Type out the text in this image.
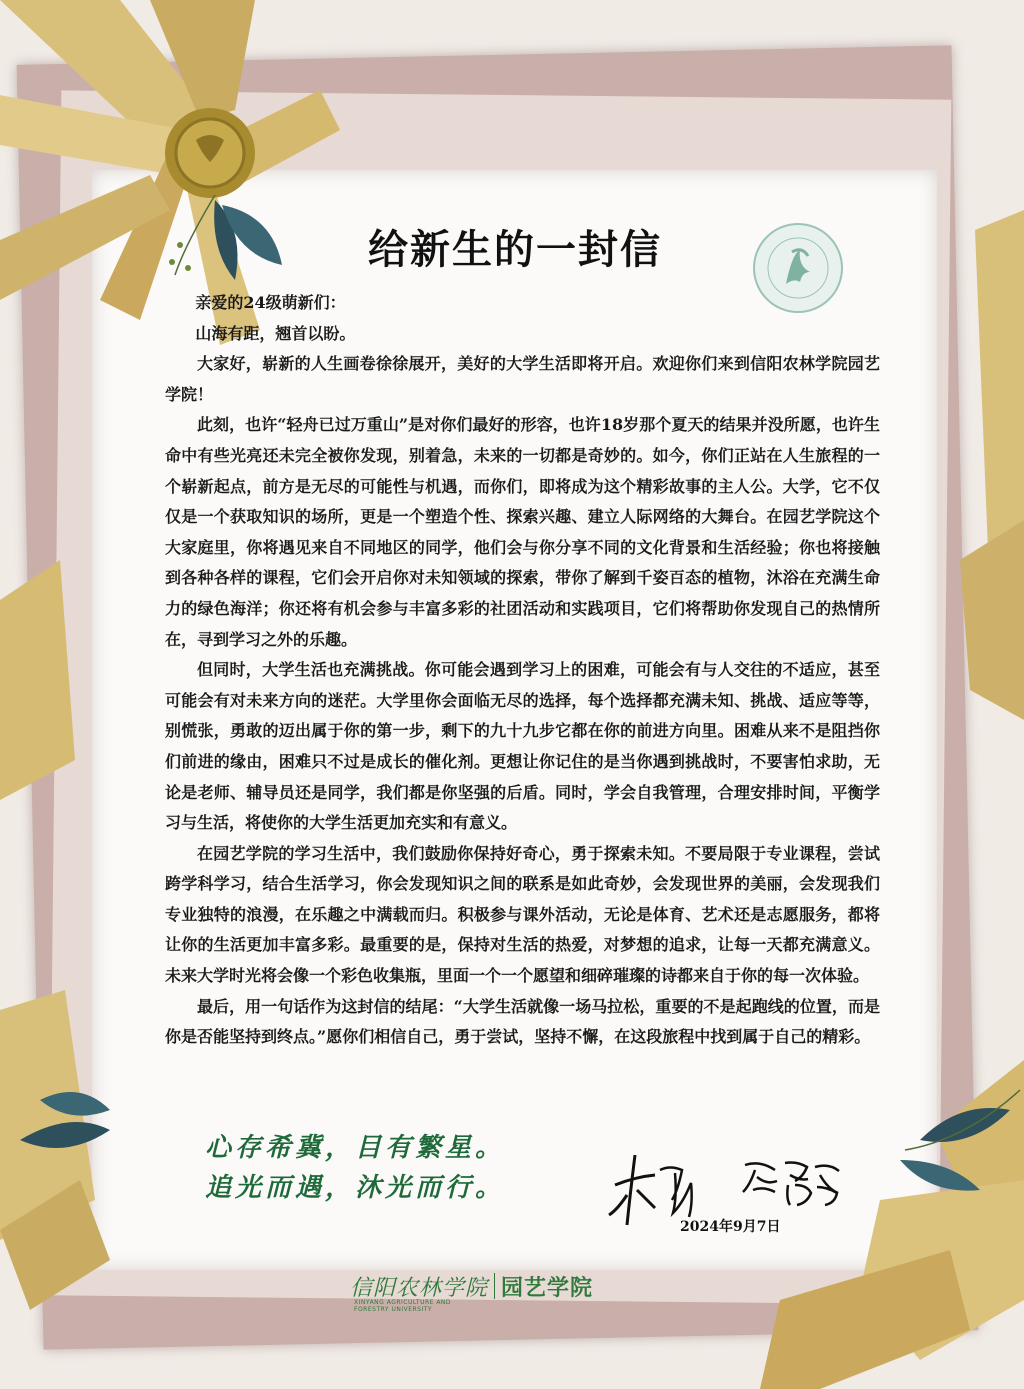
给新生的一封信

亲爱的24级萌新们：

山海有距，翘首以盼。

大家好，崭新的人生画卷徐徐展开，美好的大学生活即将开启。欢迎你们来到信阳农林学院园艺学院！

此刻，也许“轻舟已过万重山”是对你们最好的形容，也许18岁那个夏天的结果并没所愿，也许生命中有些光亮还未完全被你发现，别着急，未来的一切都是奇妙的。如今，你们正站在人生旅程的一个崭新起点，前方是无尽的可能性与机遇，而你们，即将成为这个精彩故事的主人公。大学，它不仅仅是一个获取知识的场所，更是一个塑造个性、探索兴趣、建立人际网络的大舞台。在园艺学院这个大家庭里，你将遇见来自不同地区的同学，他们会与你分享不同的文化背景和生活经验；你也将接触到各种各样的课程，它们会开启你对未知领域的探索，带你了解到千姿百态的植物，沐浴在充满生命力的绿色海洋；你还将有机会参与丰富多彩的社团活动和实践项目，它们将帮助你发现自己的热情所在，寻到学习之外的乐趣。

但同时，大学生活也充满挑战。你可能会遇到学习上的困难，可能会有与人交往的不适应，甚至可能会有对未来方向的迷茫。大学里你会面临无尽的选择，每个选择都充满未知、挑战、适应等等，别慌张，勇敢的迈出属于你的第一步，剩下的九十九步它都在你的前进方向里。困难从来不是阻挡你们前进的缘由，困难只不过是成长的催化剂。更想让你记住的是当你遇到挑战时，不要害怕求助，无论是老师、辅导员还是同学，我们都是你坚强的后盾。同时，学会自我管理，合理安排时间，平衡学习与生活，将使你的大学生活更加充实和有意义。

在园艺学院的学习生活中，我们鼓励你保持好奇心，勇于探索未知。不要局限于专业课程，尝试跨学科学习，结合生活学习，你会发现知识之间的联系是如此奇妙，会发现世界的美丽，会发现我们专业独特的浪漫，在乐趣之中满载而归。积极参与课外活动，无论是体育、艺术还是志愿服务，都将让你的生活更加丰富多彩。最重要的是，保持对生活的热爱，对梦想的追求，让每一天都充满意义。未来大学时光将会像一个彩色收集瓶，里面一个一个愿望和细碎璀璨的诗都来自于你的每一次体验。

最后，用一句话作为这封信的结尾：“大学生活就像一场马拉松，重要的不是起跑线的位置，而是你是否能坚持到终点。”愿你们相信自己，勇于尝试，坚持不懈，在这段旅程中找到属于自己的精彩。

心存希冀，目有繁星。
追光而遇，沐光而行。
2024年9月7日
信阳农林学院
XINYANG AGRICULTURE AND FORESTRY UNIVERSITY
园艺学院
